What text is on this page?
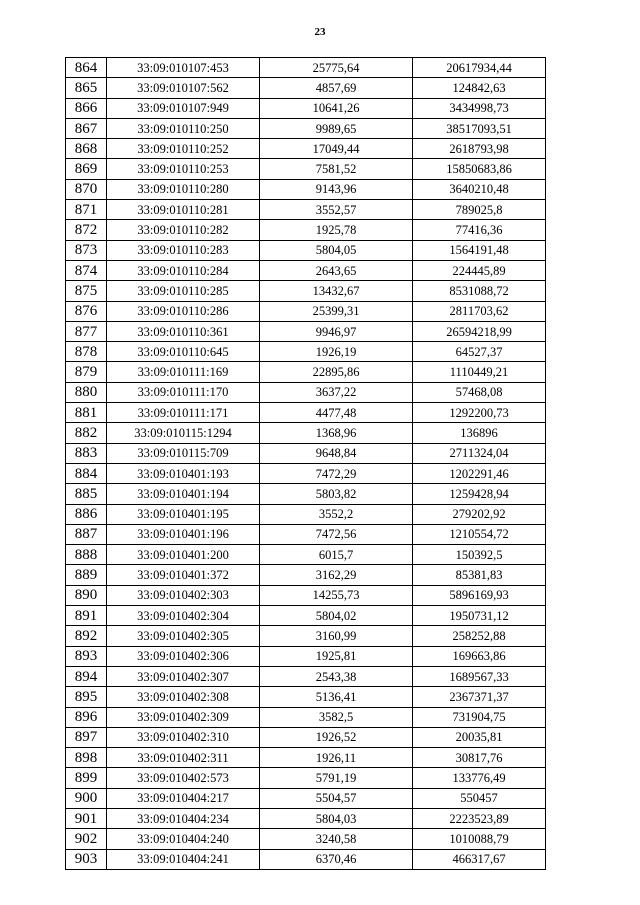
23
864	33:09:010107:453	25775,64	20617934,44
865	33:09:010107:562	4857,69	124842,63
866	33:09:010107:949	10641,26	3434998,73
867	33:09:010110:250	9989,65	38517093,51
868	33:09:010110:252	17049,44	2618793,98
869	33:09:010110:253	7581,52	15850683,86
870	33:09:010110:280	9143,96	3640210,48
871	33:09:010110:281	3552,57	789025,8
872	33:09:010110:282	1925,78	77416,36
873	33:09:010110:283	5804,05	1564191,48
874	33:09:010110:284	2643,65	224445,89
875	33:09:010110:285	13432,67	8531088,72
876	33:09:010110:286	25399,31	2811703,62
877	33:09:010110:361	9946,97	26594218,99
878	33:09:010110:645	1926,19	64527,37
879	33:09:010111:169	22895,86	1110449,21
880	33:09:010111:170	3637,22	57468,08
881	33:09:010111:171	4477,48	1292200,73
882	33:09:010115:1294	1368,96	136896
883	33:09:010115:709	9648,84	2711324,04
884	33:09:010401:193	7472,29	1202291,46
885	33:09:010401:194	5803,82	1259428,94
886	33:09:010401:195	3552,2	279202,92
887	33:09:010401:196	7472,56	1210554,72
888	33:09:010401:200	6015,7	150392,5
889	33:09:010401:372	3162,29	85381,83
890	33:09:010402:303	14255,73	5896169,93
891	33:09:010402:304	5804,02	1950731,12
892	33:09:010402:305	3160,99	258252,88
893	33:09:010402:306	1925,81	169663,86
894	33:09:010402:307	2543,38	1689567,33
895	33:09:010402:308	5136,41	2367371,37
896	33:09:010402:309	3582,5	731904,75
897	33:09:010402:310	1926,52	20035,81
898	33:09:010402:311	1926,11	30817,76
899	33:09:010402:573	5791,19	133776,49
900	33:09:010404:217	5504,57	550457
901	33:09:010404:234	5804,03	2223523,89
902	33:09:010404:240	3240,58	1010088,79
903	33:09:010404:241	6370,46	466317,67
